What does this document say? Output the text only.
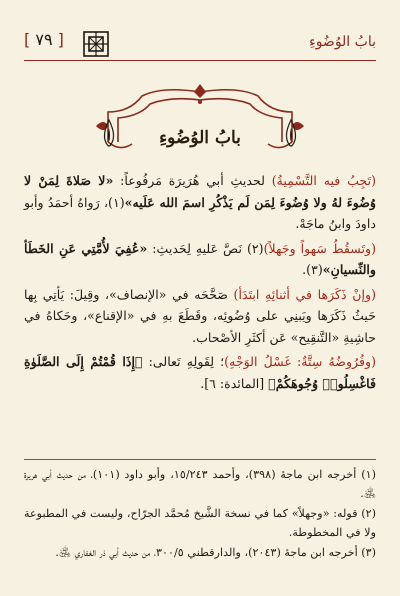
بابُ الوُضُوءِ
[ ٧٩ ]
بابُ الوُضُوءِ

(تَجِبُ فيه التَّسْمِيةُ) لحديثِ أبي هُرَيرَة مَرفُوعاً: «لا صَلاةَ لِمَنْ لا وُضُوءَ لهُ ولا وُضُوءَ لِمَن لَم يَذْكُرِ اسمَ الله عَلَيه»(١)، رَواهُ أحمَدُ وأبو داودَ وابنُ ماجَهْ.

(وتَسقُطُ سَهواً وجَهلاً)(٢) نَصَّ عَليهِ لِحَديثِ: «عُفِيَ لأُمَّتِي عَنِ الخَطَأ والنِّسيانِ»(٣).

(وإنْ ذَكَرَها في أثنائِهِ ابتَدَأ) صَحَّحَه في «الإنصاف»، وقِيلَ: يَأتِي بِها حَيثُ ذَكَرَها ويَبنِي على وُضُوئِه، وقَطَعَ بهِ في «الإقناع»، وحَكاهُ في حاشِيةِ «التَّنقِيح» عَن أكثَرِ الأصْحاب.

(وفُرُوضُهُ سِتَّةٌ: غَسْلُ الوَجْهِ)؛ لِقَولِهِ تَعالى: ﴿إِذَا قُمْتُمْ إِلَى الصَّلَوٰةِ فَاغْسِلُوا۟ وُجُوهَكُمْ﴾ [المائدة: ٦].

(١) أخرجه ابن ماجهٔ (٣٩٨)، وأحمد ١٥/٢٤٣، وأبو داود (١٠١)، من حديث أبي هريرة ﵁.

(٢) قوله: «وجهلاً» كما في نسخة الشَّيخ مُحمَّد الجرّاح، وليست في المطبوعة ولا في المخطوطة.

(٣) أخرجه ابن ماجهٔ (٢٠٤٣)، والدارقطني ٣٠٠/٥، من حديث أبي ذر الغفاري ﵁.
